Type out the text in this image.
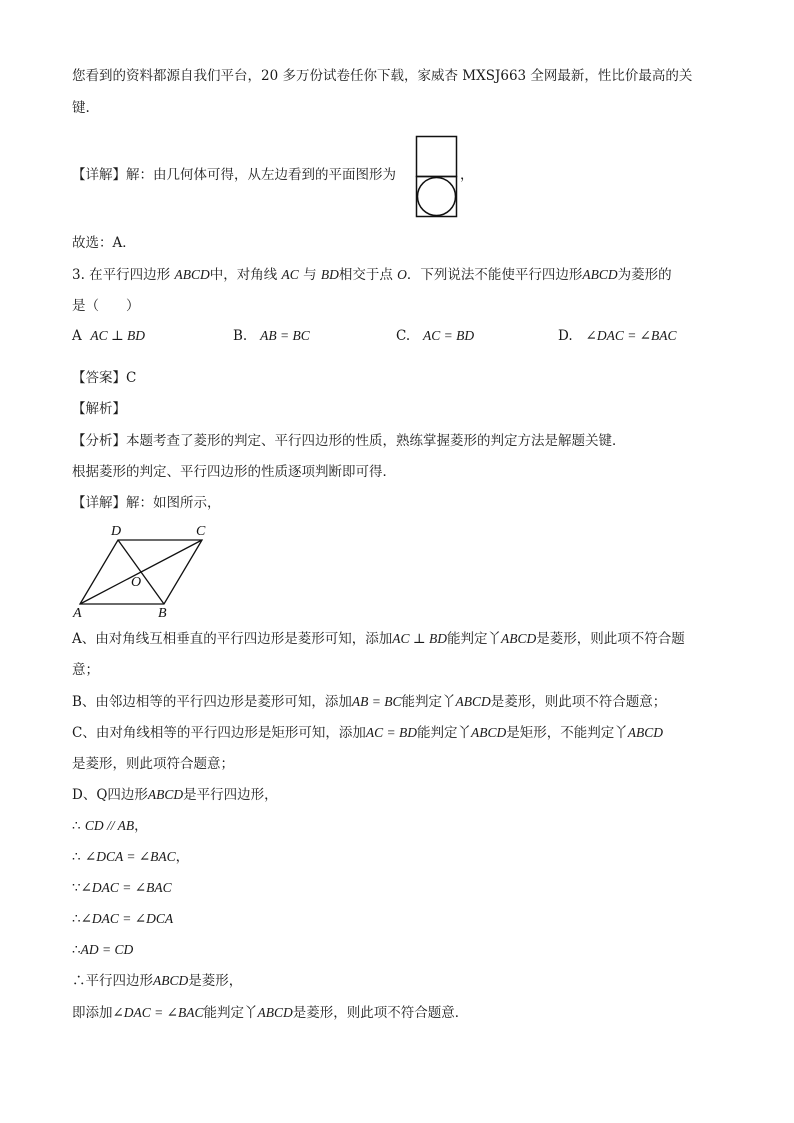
您看到的资料都源自我们平台，20 多万份试卷任你下载，家威杏 MXSJ663 全网最新，性比价最高的关
键.
【详解】解：由几何体可得，从左边看到的平面图形为	，
故选：A．
3. 在平行四边形 ABCD中，对角线 AC 与 BD相交于点 O．下列说法不能使平行四边形ABCD为菱形的
是（　　）
A AC ⊥ BD	B. AB = BC	C. AC = BD	D. ∠DAC = ∠BAC
【答案】C
【解析】
【分析】本题考查了菱形的判定、平行四边形的性质，熟练掌握菱形的判定方法是解题关键．
根据菱形的判定、平行四边形的性质逐项判断即可得．
【详解】解：如图所示，
D	C
O
A	B
A、由对角线互相垂直的平行四边形是菱形可知，添加AC ⊥ BD能判定丫ABCD是菱形，则此项不符合题
意；
B、由邻边相等的平行四边形是菱形可知，添加AB = BC能判定丫ABCD是菱形，则此项不符合题意；
C、由对角线相等的平行四边形是矩形可知，添加AC = BD能判定丫ABCD是矩形，不能判定丫ABCD
是菱形，则此项符合题意；
D、Q四边形ABCD是平行四边形，
∴ CD // AB，
∴ ∠DCA = ∠BAC，
∵∠DAC = ∠BAC
∴∠DAC = ∠DCA
∴AD = CD
∴平行四边形ABCD是菱形，
即添加∠DAC = ∠BAC能判定丫ABCD是菱形，则此项不符合题意．
